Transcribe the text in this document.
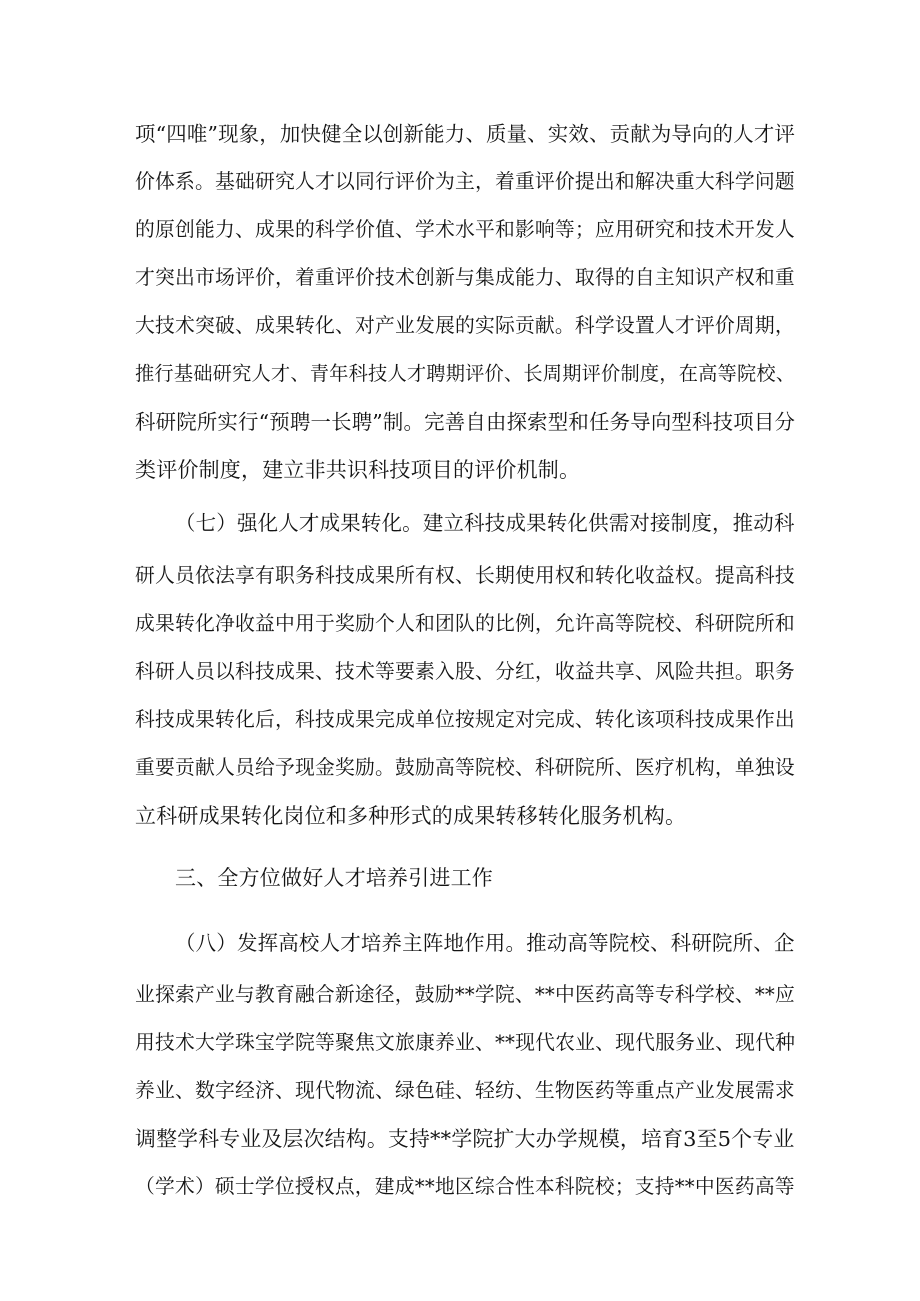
项“四唯”现象，加快健全以创新能力、质量、实效、贡献为导向的人才评
价体系。基础研究人才以同行评价为主，着重评价提出和解决重大科学问题
的原创能力、成果的科学价值、学术水平和影响等；应用研究和技术开发人
才突出市场评价，着重评价技术创新与集成能力、取得的自主知识产权和重
大技术突破、成果转化、对产业发展的实际贡献。科学设置人才评价周期，
推行基础研究人才、青年科技人才聘期评价、长周期评价制度，在高等院校、
科研院所实行“预聘一长聘”制。完善自由探索型和任务导向型科技项目分
类评价制度，建立非共识科技项目的评价机制。
（七）强化人才成果转化。建立科技成果转化供需对接制度，推动科
研人员依法享有职务科技成果所有权、长期使用权和转化收益权。提高科技
成果转化净收益中用于奖励个人和团队的比例，允许高等院校、科研院所和
科研人员以科技成果、技术等要素入股、分红，收益共享、风险共担。职务
科技成果转化后，科技成果完成单位按规定对完成、转化该项科技成果作出
重要贡献人员给予现金奖励。鼓励高等院校、科研院所、医疗机构，单独设
立科研成果转化岗位和多种形式的成果转移转化服务机构。
三、全方位做好人才培养引进工作
（八）发挥高校人才培养主阵地作用。推动高等院校、科研院所、企
业探索产业与教育融合新途径，鼓励**学院、**中医药高等专科学校、**应
用技术大学珠宝学院等聚焦文旅康养业、**现代农业、现代服务业、现代种
养业、数字经济、现代物流、绿色硅、轻纺、生物医药等重点产业发展需求
调整学科专业及层次结构。支持**学院扩大办学规模，培育3至5个专业
（学术）硕士学位授权点，建成**地区综合性本科院校；支持**中医药高等
